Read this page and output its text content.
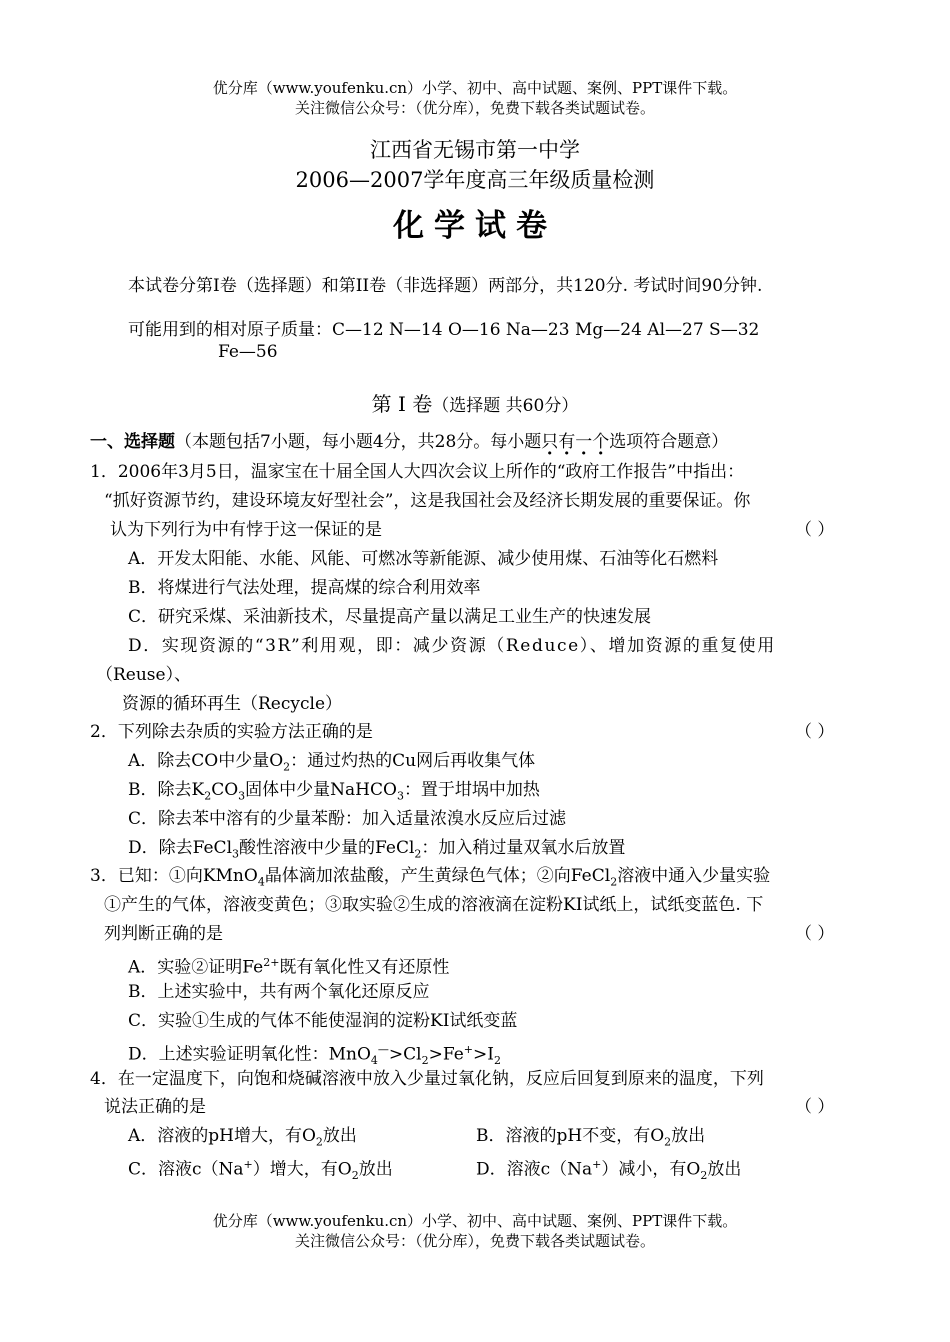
优分库（www.youfenku.cn）小学、初中、高中试题、案例、PPT课件下载。
关注微信公众号：（优分库），免费下载各类试题试卷。
江西省无锡市第一中学
2006—2007学年度高三年级质量检测
化学试卷
本试卷分第I卷（选择题）和第II卷（非选择题）两部分，共120分. 考试时间90分钟.
可能用到的相对原子质量：C—12 N—14 O—16 Na—23 Mg—24 Al—27 S—32
Fe—56
第 I 卷（选择题 共60分）
一、选择题（本题包括7小题，每小题4分，共28分。每小题只有一个选项符合题意）
1．2006年3月5日，温家宝在十届全国人大四次会议上所作的“政府工作报告”中指出：
“抓好资源节约，建设环境友好型社会”，这是我国社会及经济长期发展的重要保证。你
认为下列行为中有悖于这一保证的是	（ ）
A．开发太阳能、水能、风能、可燃冰等新能源、减少使用煤、石油等化石燃料
B．将煤进行气法处理，提高煤的综合利用效率
C．研究采煤、采油新技术，尽量提高产量以满足工业生产的快速发展
D．实现资源的“3R”利用观，即：减少资源（Reduce）、增加资源的重复使用
（Reuse）、
资源的循环再生（Recycle）
2．下列除去杂质的实验方法正确的是	（ ）
A．除去CO中少量$O_2$：通过灼热的Cu网后再收集气体
B．除去$K_2CO_3$固体中少量NaHCO$_3$：置于坩埚中加热
C．除去苯中溶有的少量苯酚：加入适量浓溴水反应后过滤
D．除去FeCl$_3$酸性溶液中少量的FeCl$_2$：加入稍过量双氧水后放置
3．已知：①向KMnO$_4$晶体滴加浓盐酸，产生黄绿色气体；②向FeCl$_2$溶液中通入少量实验
①产生的气体，溶液变黄色；③取实验②生成的溶液滴在淀粉KI试纸上，试纸变蓝色. 下
列判断正确的是	（ ）
A．实验②证明$Fe^{2+}$既有氧化性又有还原性
B．上述实验中，共有两个氧化还原反应
C．实验①生成的气体不能使湿润的淀粉KI试纸变蓝
D．上述实验证明氧化性：$MnO_4^—>Cl_2>Fe^+>I_2$
4．在一定温度下，向饱和烧碱溶液中放入少量过氧化钠，反应后回复到原来的温度，下列
说法正确的是	（ ）
A．溶液的pH增大，有$O_2$放出	B．溶液的pH不变，有$O_2$放出
C．溶液c（Na+）增大，有$O_2$放出	D．溶液c（Na+）减小，有$O_2$放出
优分库（www.youfenku.cn）小学、初中、高中试题、案例、PPT课件下载。
关注微信公众号：（优分库），免费下载各类试题试卷。
